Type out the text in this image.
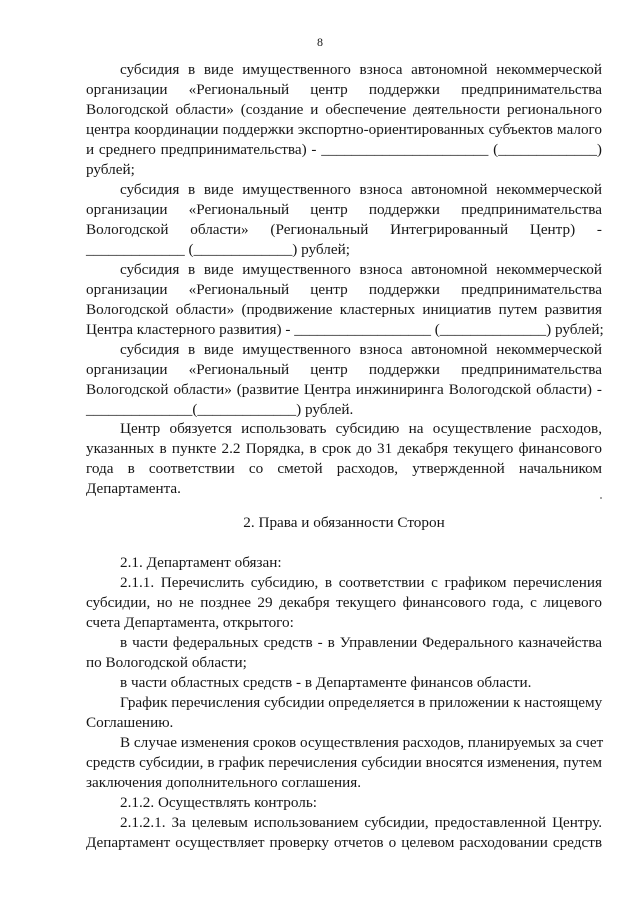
8
субсидия в виде имущественного взноса автономной некоммерческой
организации «Региональный центр поддержки предпринимательства
Вологодской области» (создание и обеспечение деятельности регионального
центра координации поддержки экспортно-ориентированных субъектов малого
и среднего предпринимательства) - ______________________ (_____________)
рублей;
субсидия в виде имущественного взноса автономной некоммерческой
организации «Региональный центр поддержки предпринимательства
Вологодской области» (Региональный Интегрированный Центр) -
_____________ (_____________) рублей;
субсидия в виде имущественного взноса автономной некоммерческой
организации «Региональный центр поддержки предпринимательства
Вологодской области» (продвижение кластерных инициатив путем развития
Центра кластерного развития) - __________________ (______________) рублей;
субсидия в виде имущественного взноса автономной некоммерческой
организации «Региональный центр поддержки предпринимательства
Вологодской области» (развитие Центра инжиниринга Вологодской области) -
______________(_____________) рублей.
Центр обязуется использовать субсидию на осуществление расходов,
указанных в пункте 2.2 Порядка, в срок до 31 декабря текущего финансового
года в соответствии со сметой расходов, утвержденной начальником
Департамента.
2. Права и обязанности Сторон
2.1. Департамент обязан:
2.1.1. Перечислить субсидию, в соответствии с графиком перечисления
субсидии, но не позднее 29 декабря текущего финансового года, с лицевого
счета Департамента, открытого:
в части федеральных средств - в Управлении Федерального казначейства
по Вологодской области;
в части областных средств - в Департаменте финансов области.
График перечисления субсидии определяется в приложении к настоящему
Соглашению.
В случае изменения сроков осуществления расходов, планируемых за счет
средств субсидии, в график перечисления субсидии вносятся изменения, путем
заключения дополнительного соглашения.
2.1.2. Осуществлять контроль:
2.1.2.1. За целевым использованием субсидии, предоставленной Центру.
Департамент осуществляет проверку отчетов о целевом расходовании средств
